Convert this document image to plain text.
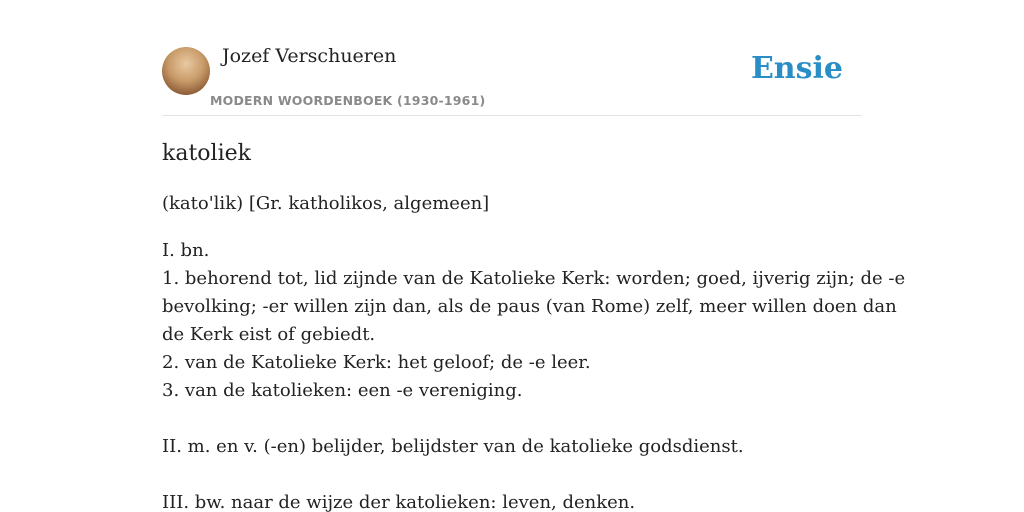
Jozef Verschueren
MODERN WOORDENBOEK (1930-1961)
Ensie
katoliek
(kato'lik) [Gr. katholikos, algemeen]
I. bn.
1. behorend tot, lid zijnde van de Katolieke Kerk: worden; goed, ijverig zijn; de -e
bevolking; -er willen zijn dan, als de paus (van Rome) zelf, meer willen doen dan
de Kerk eist of gebiedt.
2. van de Katolieke Kerk: het geloof; de -e leer.
3. van de katolieken: een -e vereniging.
II. m. en v. (-en) belijder, belijdster van de katolieke godsdienst.
III. bw. naar de wijze der katolieken: leven, denken.
